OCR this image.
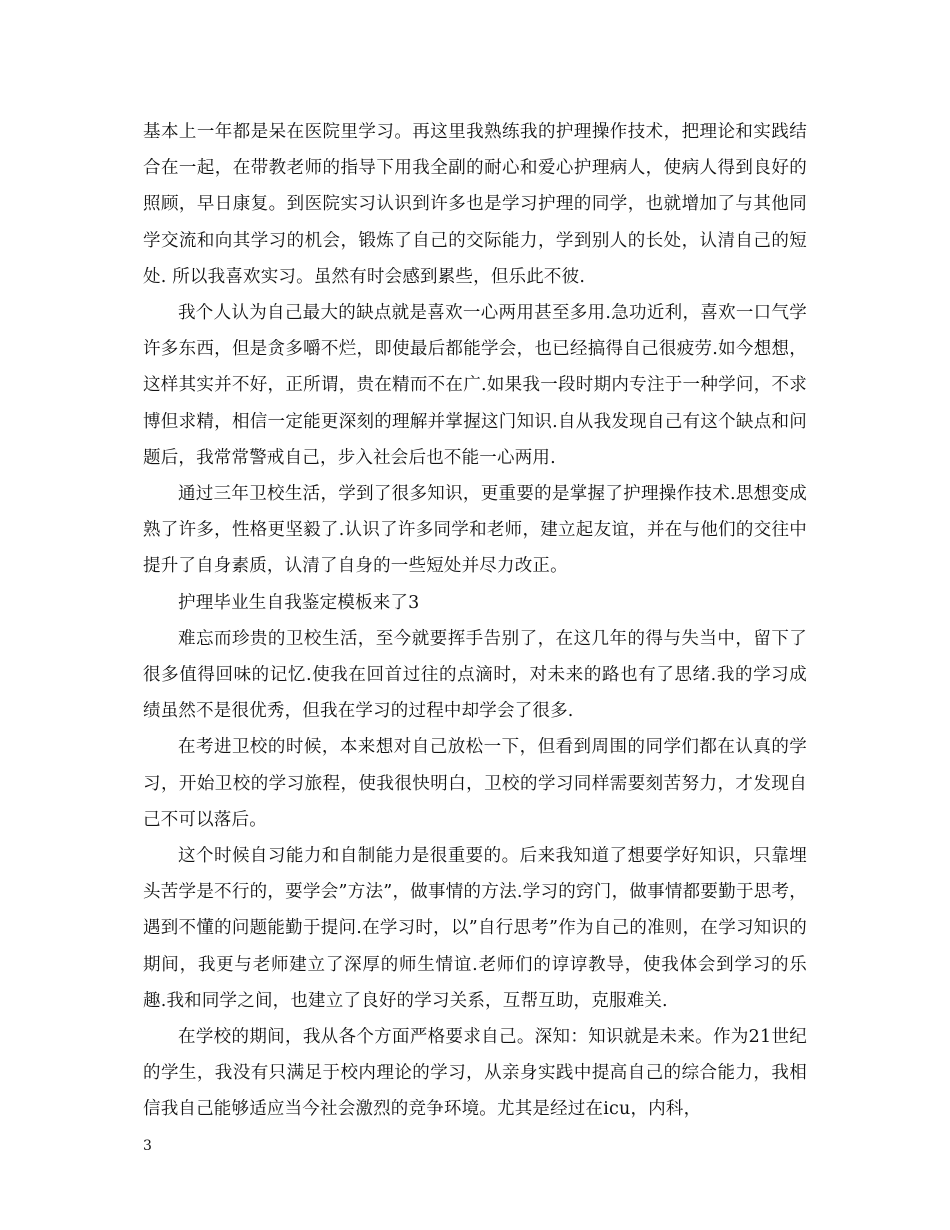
基本上一年都是呆在医院里学习。再这里我熟练我的护理操作技术，把理论和实践结合在一起，在带教老师的指导下用我全副的耐心和爱心护理病人，使病人得到良好的照顾，早日康复。到医院实习认识到许多也是学习护理的同学，也就增加了与其他同学交流和向其学习的机会，锻炼了自己的交际能力，学到别人的长处，认清自己的短处. 所以我喜欢实习。虽然有时会感到累些，但乐此不彼.

我个人认为自己最大的缺点就是喜欢一心两用甚至多用.急功近利，喜欢一口气学许多东西，但是贪多嚼不烂，即使最后都能学会，也已经搞得自己很疲劳.如今想想，这样其实并不好，正所谓，贵在精而不在广.如果我一段时期内专注于一种学问，不求博但求精，相信一定能更深刻的理解并掌握这门知识.自从我发现自己有这个缺点和问题后，我常常警戒自己，步入社会后也不能一心两用.

通过三年卫校生活，学到了很多知识，更重要的是掌握了护理操作技术.思想变成熟了许多，性格更坚毅了.认识了许多同学和老师，建立起友谊，并在与他们的交往中提升了自身素质，认清了自身的一些短处并尽力改正。

护理毕业生自我鉴定模板来了3

难忘而珍贵的卫校生活，至今就要挥手告别了，在这几年的得与失当中，留下了很多值得回味的记忆.使我在回首过往的点滴时，对未来的路也有了思绪.我的学习成绩虽然不是很优秀，但我在学习的过程中却学会了很多.

在考进卫校的时候，本来想对自己放松一下，但看到周围的同学们都在认真的学习，开始卫校的学习旅程，使我很快明白，卫校的学习同样需要刻苦努力，才发现自己不可以落后。

这个时候自习能力和自制能力是很重要的。后来我知道了想要学好知识，只靠埋头苦学是不行的，要学会”方法”，做事情的方法.学习的窍门，做事情都要勤于思考，遇到不懂的问题能勤于提问.在学习时，以”自行思考”作为自己的准则，在学习知识的期间，我更与老师建立了深厚的师生情谊.老师们的谆谆教导，使我体会到学习的乐趣.我和同学之间，也建立了良好的学习关系，互帮互助，克服难关.

在学校的期间，我从各个方面严格要求自己。深知：知识就是未来。作为21世纪的学生，我没有只满足于校内理论的学习，从亲身实践中提高自己的综合能力，我相信我自己能够适应当今社会激烈的竞争环境。尤其是经过在icu，内科，

3
